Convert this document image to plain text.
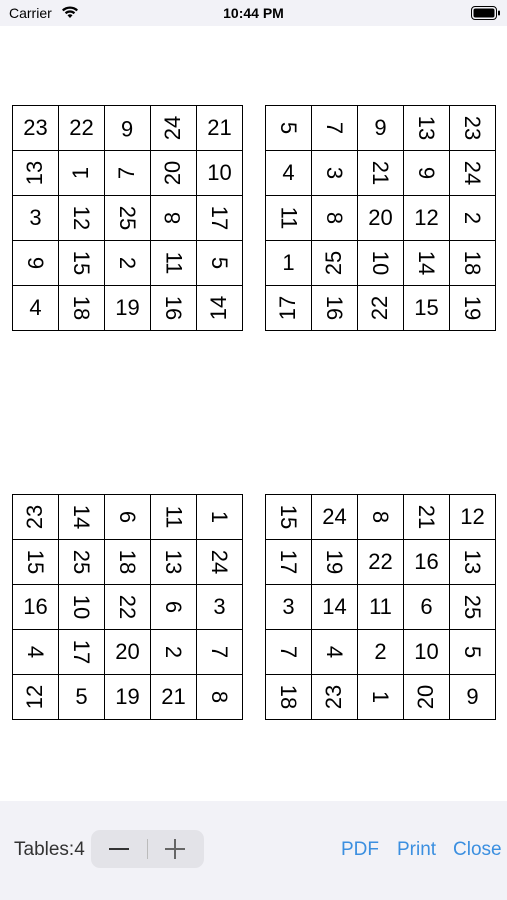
Carrier	10:44 PM
23	22	6	24	21
13	1	7	20	10
3	12	25	8	17
9	15	2	11	5
4	18	19	16	14
5	7	9	13	23
4	3	21	9	24
11	8	20	12	2
1	25	10	14	18
17	16	22	15	19
23	14	6	11	1
15	25	18	13	24
16	10	22	6	3
4	17	20	2	7
12	5	19	21	8
15	24	8	21	12
17	19	22	16	13
3	14	11	6	25
7	4	2	10	5
18	23	1	20	9
Tables:4	PDF Print Close
